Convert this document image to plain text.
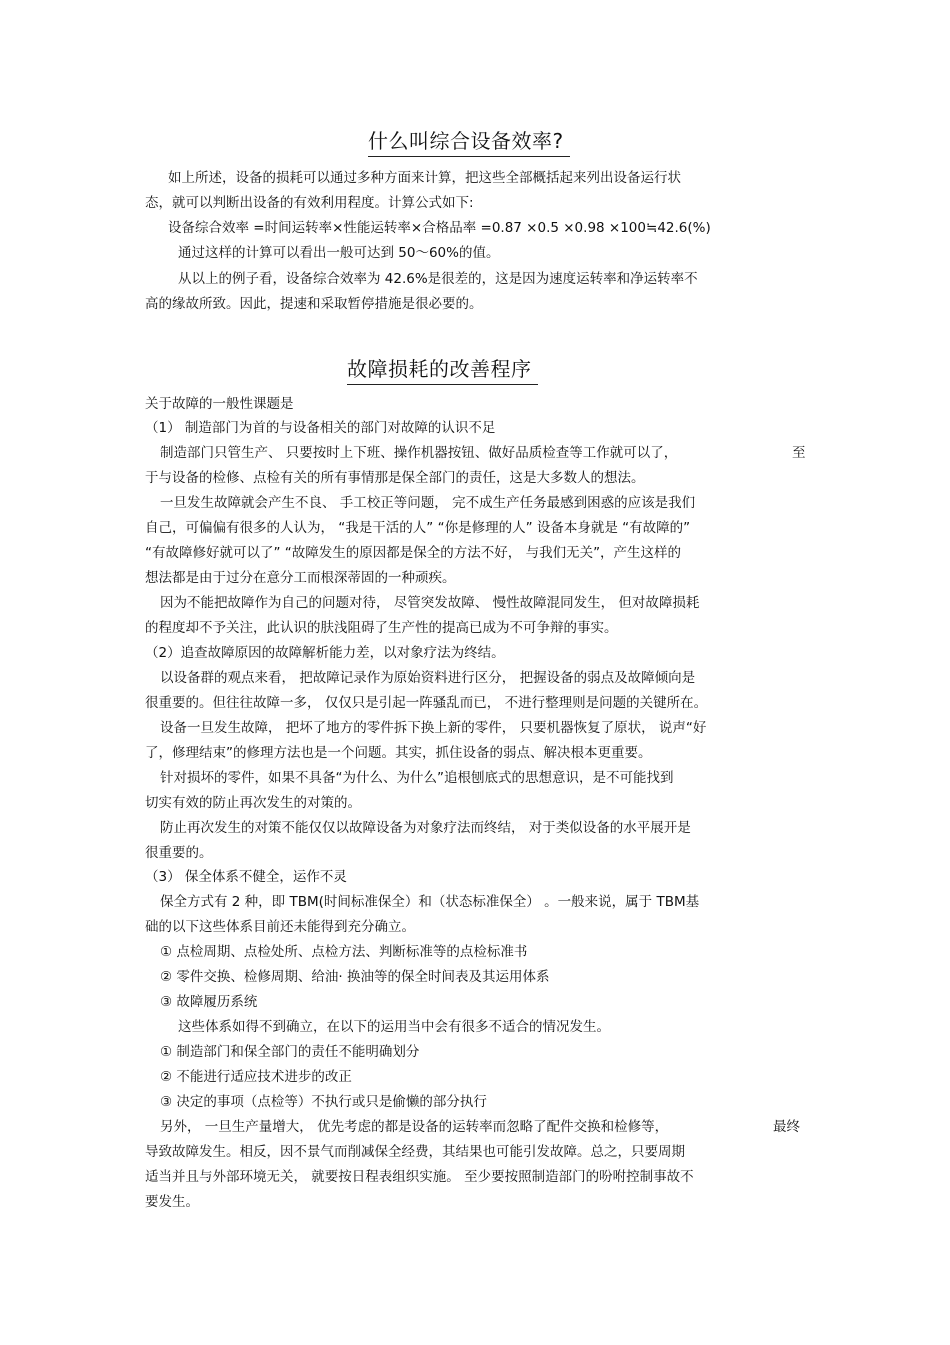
什么叫综合设备效率?
如上所述，设备的损耗可以通过多种方面来计算，把这些全部概括起来列出设备运行状
态，就可以判断出设备的有效利用程度。计算公式如下:
设备综合效率 =时间运转率×性能运转率×合格品率 =0.87 ×0.5 ×0.98 ×100≒42.6(%)
通过这样的计算可以看出一般可达到 50～60%的值。
从以上的例子看，设备综合效率为 42.6%是很差的，这是因为速度运转率和净运转率不
高的缘故所致。因此，提速和采取暂停措施是很必要的。
故障损耗的改善程序
关于故障的一般性课题是
（1） 制造部门为首的与设备相关的部门对故障的认识不足
制造部门只管生产、 只要按时上下班、操作机器按钮、做好品质检查等工作就可以了，	至
于与设备的检修、点检有关的所有事情那是保全部门的责任，这是大多数人的想法。
一旦发生故障就会产生不良、 手工校正等问题， 完不成生产任务最感到困惑的应该是我们
自己，可偏偏有很多的人认为， “我是干活的人” “你是修理的人” 设备本身就是 “有故障的”
“有故障修好就可以了” “故障发生的原因都是保全的方法不好， 与我们无关”，产生这样的
想法都是由于过分在意分工而根深蒂固的一种顽疾。
因为不能把故障作为自己的问题对待， 尽管突发故障、 慢性故障混同发生， 但对故障损耗
的程度却不予关注，此认识的肤浅阻碍了生产性的提高已成为不可争辩的事实。
（2）追查故障原因的故障解析能力差，以对象疗法为终结。
以设备群的观点来看， 把故障记录作为原始资料进行区分， 把握设备的弱点及故障倾向是
很重要的。但往往故障一多， 仅仅只是引起一阵骚乱而已， 不进行整理则是问题的关键所在。
设备一旦发生故障， 把坏了地方的零件拆下换上新的零件， 只要机器恢复了原状， 说声“好
了，修理结束”的修理方法也是一个问题。其实，抓住设备的弱点、解决根本更重要。
针对损坏的零件，如果不具备“为什么、为什么”追根刨底式的思想意识，是不可能找到
切实有效的防止再次发生的对策的。
防止再次发生的对策不能仅仅以故障设备为对象疗法而终结， 对于类似设备的水平展开是
很重要的。
（3） 保全体系不健全，运作不灵
保全方式有 2 种，即 TBM(时间标准保全）和（状态标准保全） 。一般来说，属于 TBM基
础的以下这些体系目前还未能得到充分确立。
① 点检周期、点检处所、点检方法、判断标准等的点检标准书
② 零件交换、检修周期、给油· 换油等的保全时间表及其运用体系
③ 故障履历系统
这些体系如得不到确立，在以下的运用当中会有很多不适合的情况发生。
① 制造部门和保全部门的责任不能明确划分
② 不能进行适应技术进步的改正
③ 决定的事项（点检等）不执行或只是偷懒的部分执行
另外， 一旦生产量增大， 优先考虑的都是设备的运转率而忽略了配件交换和检修等，	最终
导致故障发生。相反，因不景气而削减保全经费，其结果也可能引发故障。总之，只要周期
适当并且与外部环境无关， 就要按日程表组织实施。 至少要按照制造部门的吩咐控制事故不
要发生。
